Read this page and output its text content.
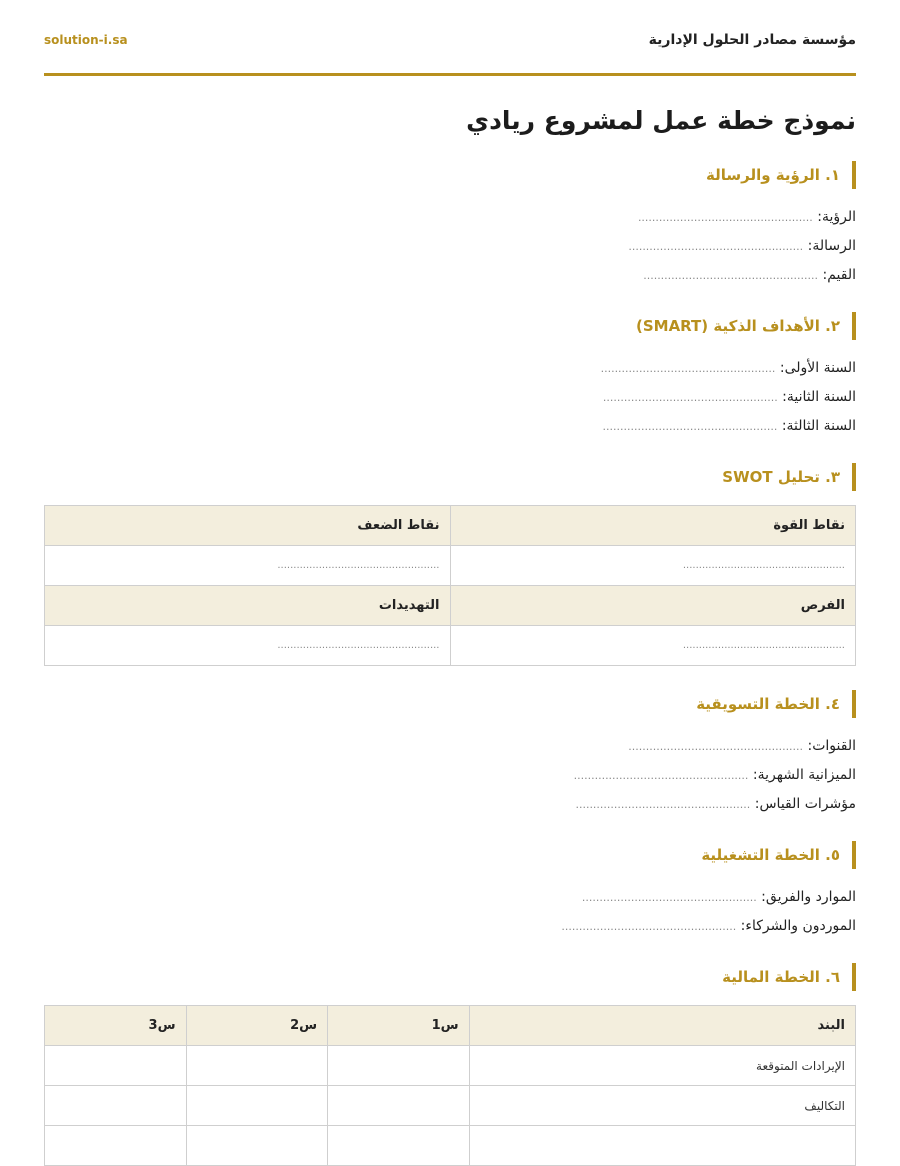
مؤسسة مصادر الحلول الإدارية
solution-i.sa
نموذج خطة عمل لمشروع ريادي
١. الرؤية والرسالة
الرؤية: ..................................................
الرسالة: ..................................................
القيم: ..................................................
٢. الأهداف الذكية (SMART)
السنة الأولى: ..................................................
السنة الثانية: ..................................................
السنة الثالثة: ..................................................
٣. تحليل SWOT
نقاط القوة	نقاط الضعف
...................................................	...................................................
الفرص	التهديدات
...................................................	...................................................
٤. الخطة التسويقية
القنوات: ..................................................
الميزانية الشهرية: ..................................................
مؤشرات القياس: ..................................................
٥. الخطة التشغيلية
الموارد والفريق: ..................................................
الموردون والشركاء: ..................................................
٦. الخطة المالية
البند	س1	س2	س3
الإيرادات المتوقعة			
التكاليف			
